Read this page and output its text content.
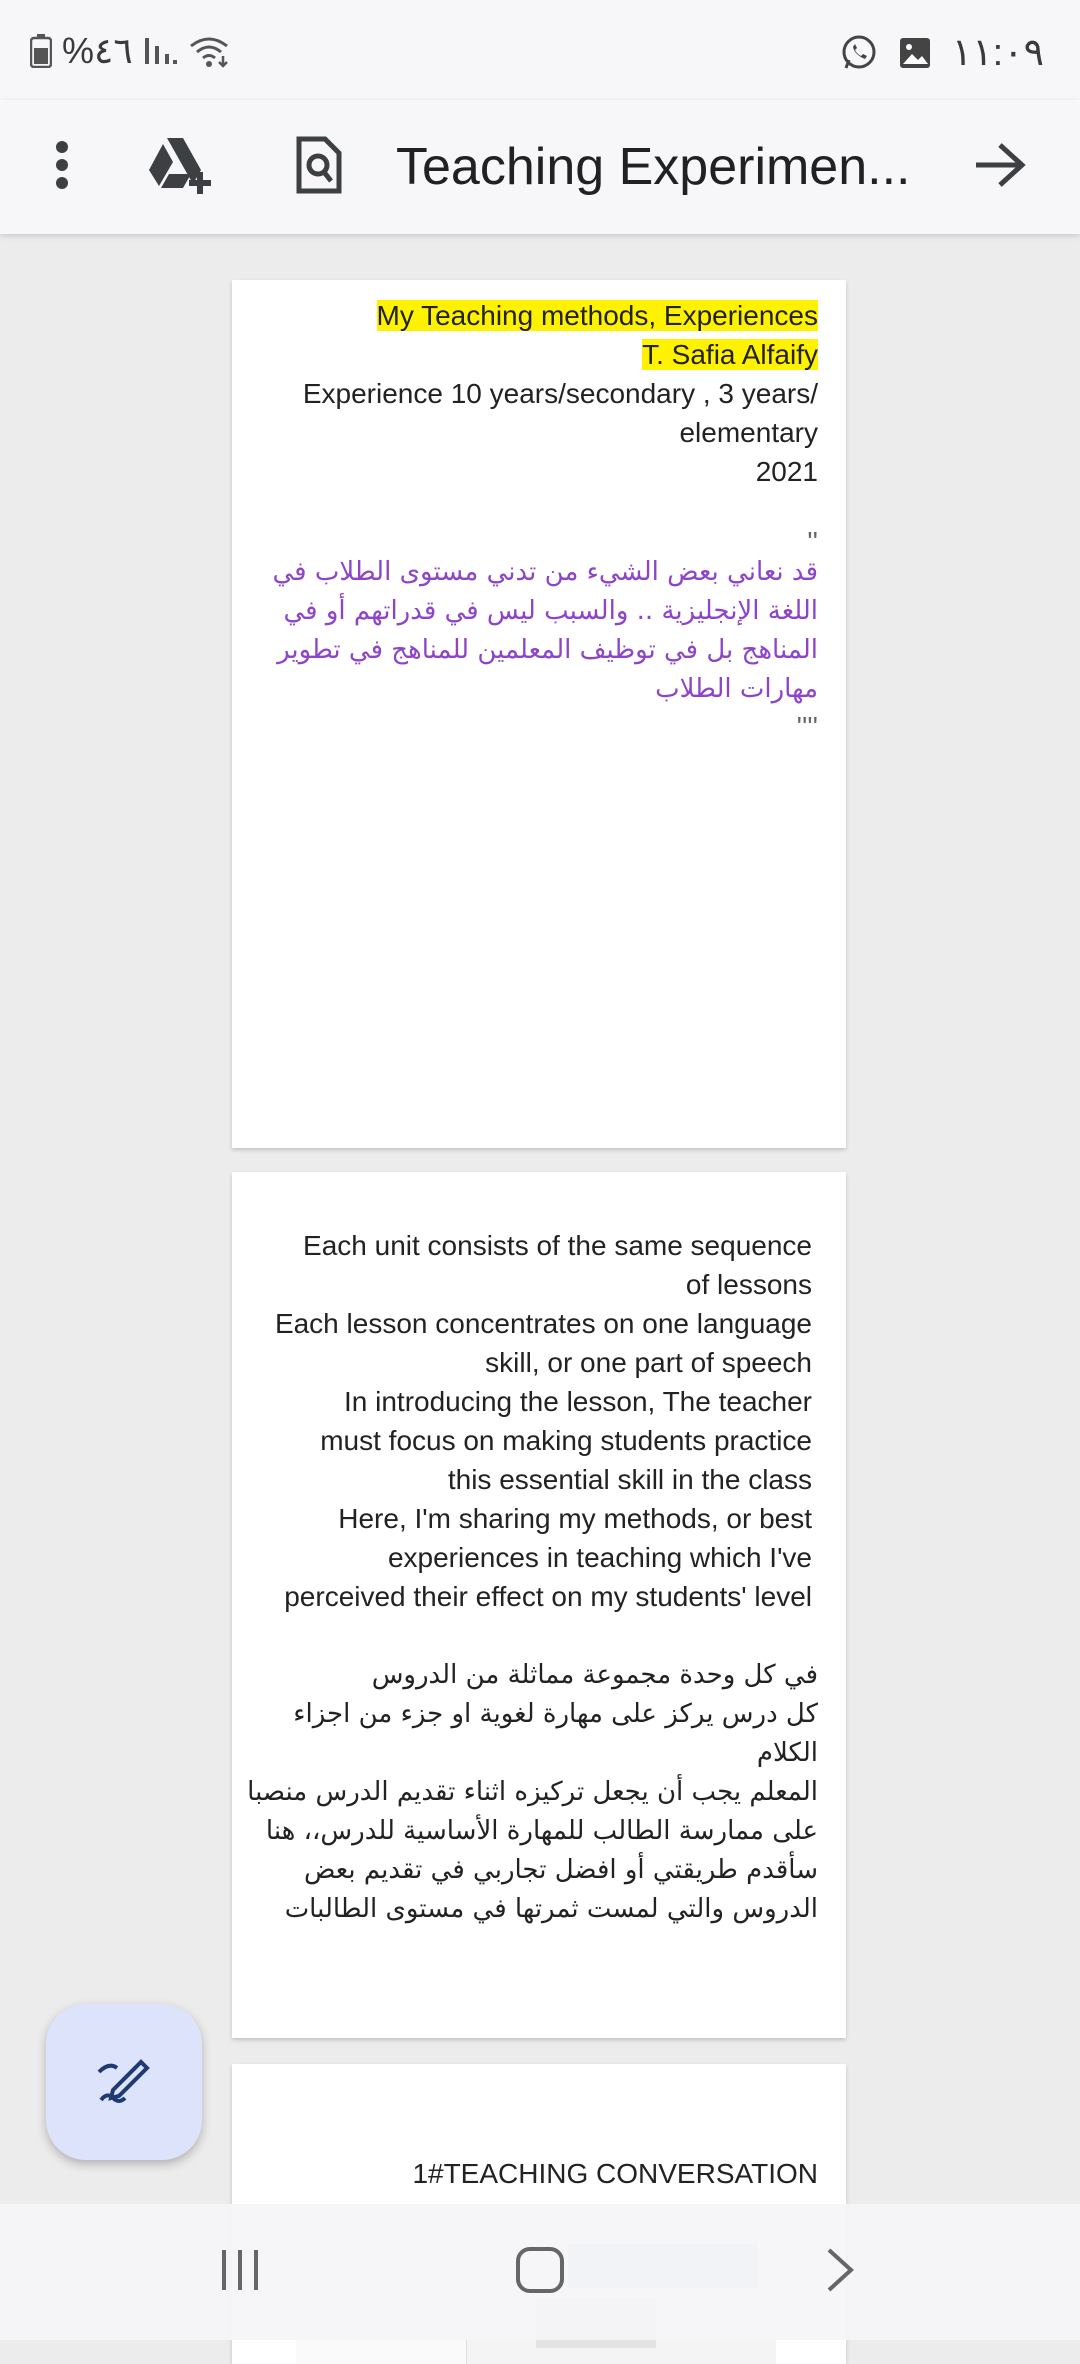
%٤٦	١١:٠٩
Teaching Experimen...
My Teaching methods, Experiences
T. Safia Alfaify
Experience 10 years/secondary , 3 years/
elementary
2021
''
قد نعاني بعض الشيء من تدني مستوى الطلاب في
اللغة الإنجليزية .. والسبب ليس في قدراتهم أو في
المناهج بل في توظيف المعلمين للمناهج في تطوير
مهارات الطلاب
''''
Each unit consists of the same sequence
of lessons
Each lesson concentrates on one language
skill, or one part of speech
In introducing the lesson, The teacher
must focus on making students practice
this essential skill in the class
Here, I'm sharing my methods, or best
experiences in teaching which I've
perceived their effect on my students' level
في كل وحدة مجموعة مماثلة من الدروس
كل درس يركز على مهارة لغوية او جزء من اجزاء الكلام
المعلم يجب أن يجعل تركيزه اثناء تقديم الدرس منصبا
على ممارسة الطالب للمهارة الأساسية للدرس،، هنا
سأقدم طريقتي أو افضل تجاربي في تقديم بعض
الدروس والتي لمست ثمرتها في مستوى الطالبات
1#TEACHING CONVERSATION
